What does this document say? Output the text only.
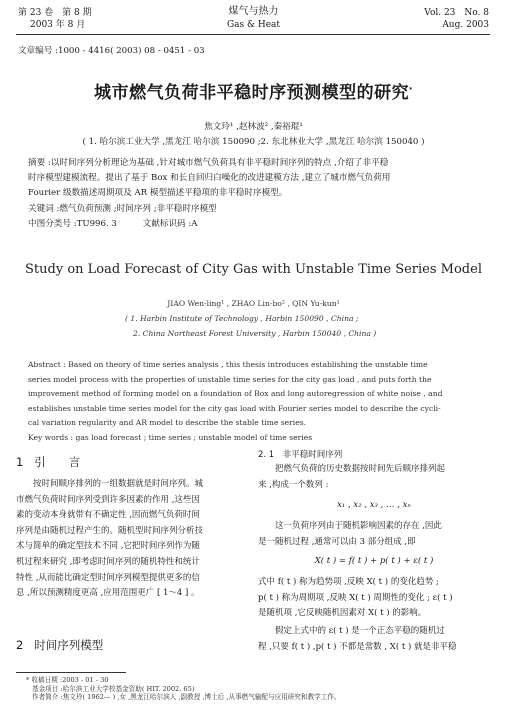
第 23 卷　第 8 期
2003 年 8 月
煤气与热力
Gas & Heat
Vol. 23　No. 8
Aug. 2003
文章编号 :1000 - 4416( 2003) 08 - 0451 - 03
城市燃气负荷非平稳时序预测模型的研究*
焦文玲¹ ,赵林波² ,秦裕琨¹
( 1. 哈尔滨工业大学 ,黑龙江 哈尔滨 150090 ;2. 东北林业大学 ,黑龙江 哈尔滨 150040 )
摘要 :以时间序列分析理论为基础 ,针对城市燃气负荷具有非平稳时间序列的特点 ,介绍了非平稳
时序模型建模流程。提出了基于 Box 和长自回归白噪化的改进建模方法 ,建立了城市燃气负荷用
Fourier 级数描述周期项及 AR 模型描述平稳项的非平稳时序模型。
关键词 :燃气负荷预测 ;时间序列 ;非平稳时序模型
中图分类号 :TU996. 3　　　文献标识码 :A
Study on Load Forecast of City Gas with Unstable Time Series Model
JIAO Wen-ling¹ , ZHAO Lin-bo² , QIN Yu-kun¹
( 1. Harbin Institute of Technology , Harbin 150090 , China ;
2. China Northeast Forest University , Harbin 150040 , China )
Abstract : Based on theory of time series analysis , this thesis introduces establishing the unstable time
series model process with the properties of unstable time series for the city gas load , and puts forth the
improvement method of forming model on a foundation of Box and long autoregression of white noise , and
establishes unstable time series model for the city gas load with Fourier series model to describe the cycli-
cal variation regularity and AR model to describe the stable time series.
Key words : gas load forecast ; time series ; unstable model of time series
1 引　　言
按时间顺序排列的一组数据就是时间序列。城
市燃气负荷时间序列受到许多因素的作用 ,这些因
素的变动本身就带有不确定性 ,因而燃气负荷时间
序列是由随机过程产生的。随机型时间序列分析技
术与简单的确定型技术不同 ,它把时间序列作为随
机过程来研究 ,即考虑时间序列的随机特性和统计
特性 ,从而能比确定型时间序列模型提供更多的信
息 ,所以预测精度更高 ,应用范围更广 [ 1～4 ] 。
2 时间序列模型
2. 1　非平稳时间序列
把燃气负荷的历史数据按时间先后顺序排列起
来 ,构成一个数列 :
x₁ , x₂ , x₃ , … , xₙ
这一负荷序列由于随机影响因素的存在 ,因此
是一随机过程 ,通常可以由 3 部分组成 ,即
X( t ) = f( t ) + p( t ) + ε( t )
式中 f( t ) 称为趋势项 ,反映 X( t ) 的变化趋势 ;
p( t ) 称为周期项 ,反映 X( t ) 周期性的变化 ; ε( t )
是随机项 ,它反映随机因素对 X( t ) 的影响。
假定上式中的 ε( t ) 是一个正态平稳的随机过
程 ,只要 f( t ) ,p( t ) 不都是常数 , X( t ) 就是非平稳
* 收稿日期 :2003 - 01 - 30
基金项目 :哈尔滨工业大学校基金资助( HIT. 2002. 65)
作者简介 :焦文玲( 1962— ) ,女 ,黑龙江哈尔滨人 ,副教授 ,博士后 ,从事燃气输配与应用研究和教学工作。
